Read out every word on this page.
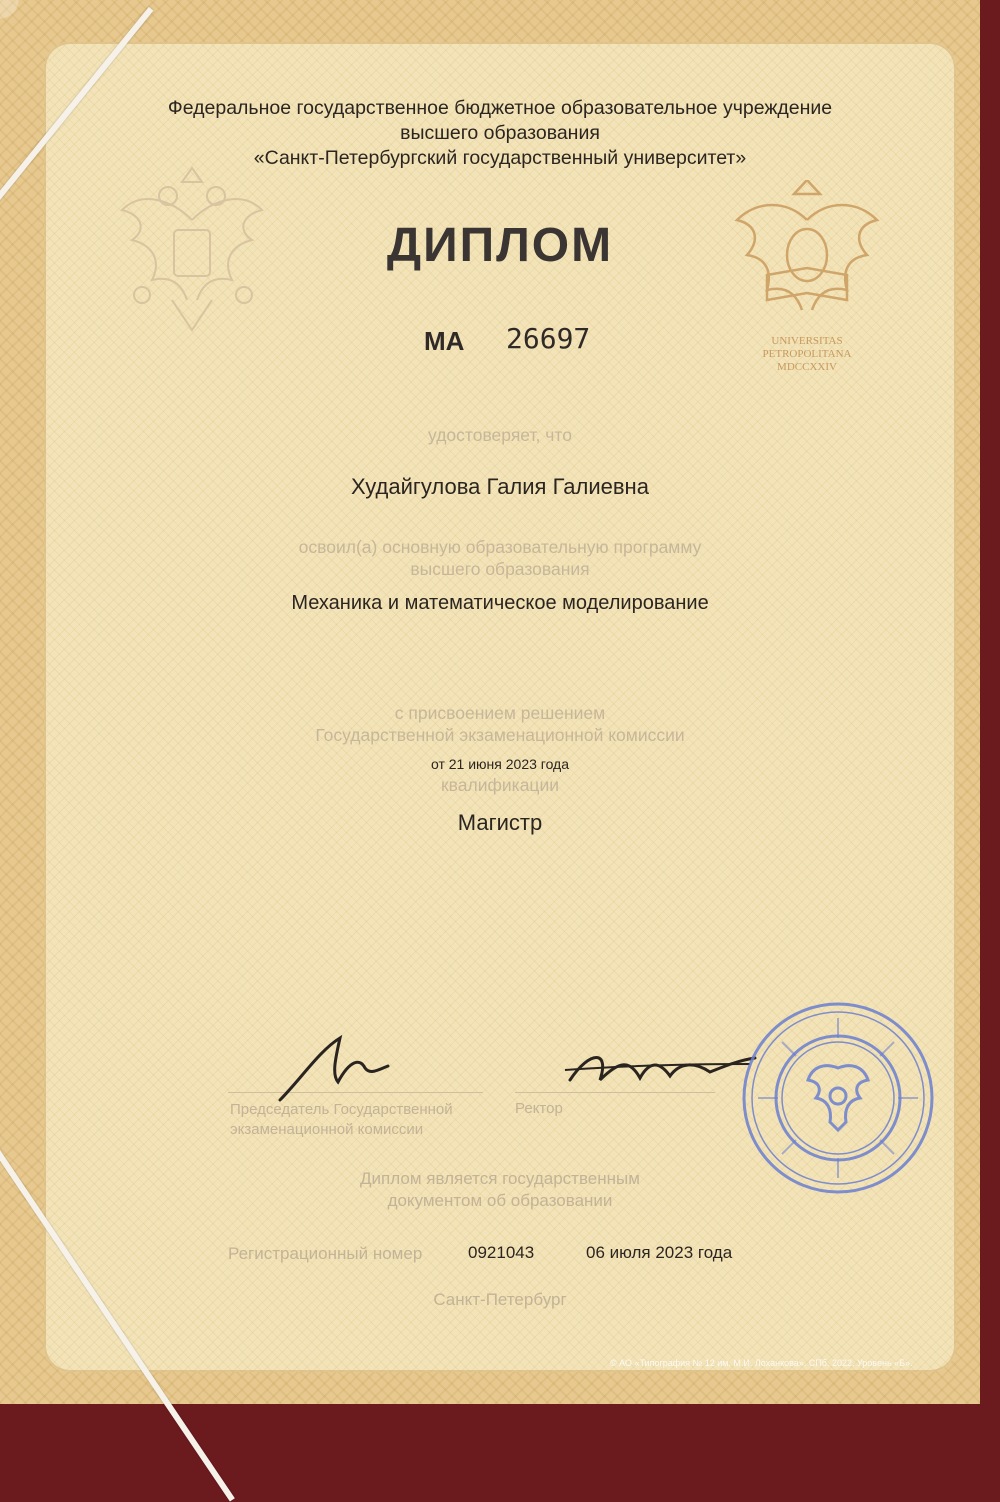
Федеральное государственное бюджетное образовательное учреждение
высшего образования
«Санкт-Петербургский государственный университет»
ДИПЛОМ
МА 26697	UNIVERSITAS
PETROPOLITANA
MDCCXXIV
удостоверяет, что
Худайгулова Галия Галиевна
освоил(а) основную образовательную программу
высшего образования
Механика и математическое моделирование
с присвоением решением
Государственной экзаменационной комиссии
от 21 июня 2023 года
квалификации
Магистр
Председатель Государственной
экзаменационной комиссии
Ректор
Диплом является государственным
документом об образовании
Регистрационный номер	0921043	06 июля 2023 года
Санкт-Петербург
© АО «Типография № 12 им. М.И. Лоханкова». СПб. 2022. Уровень «Б».
